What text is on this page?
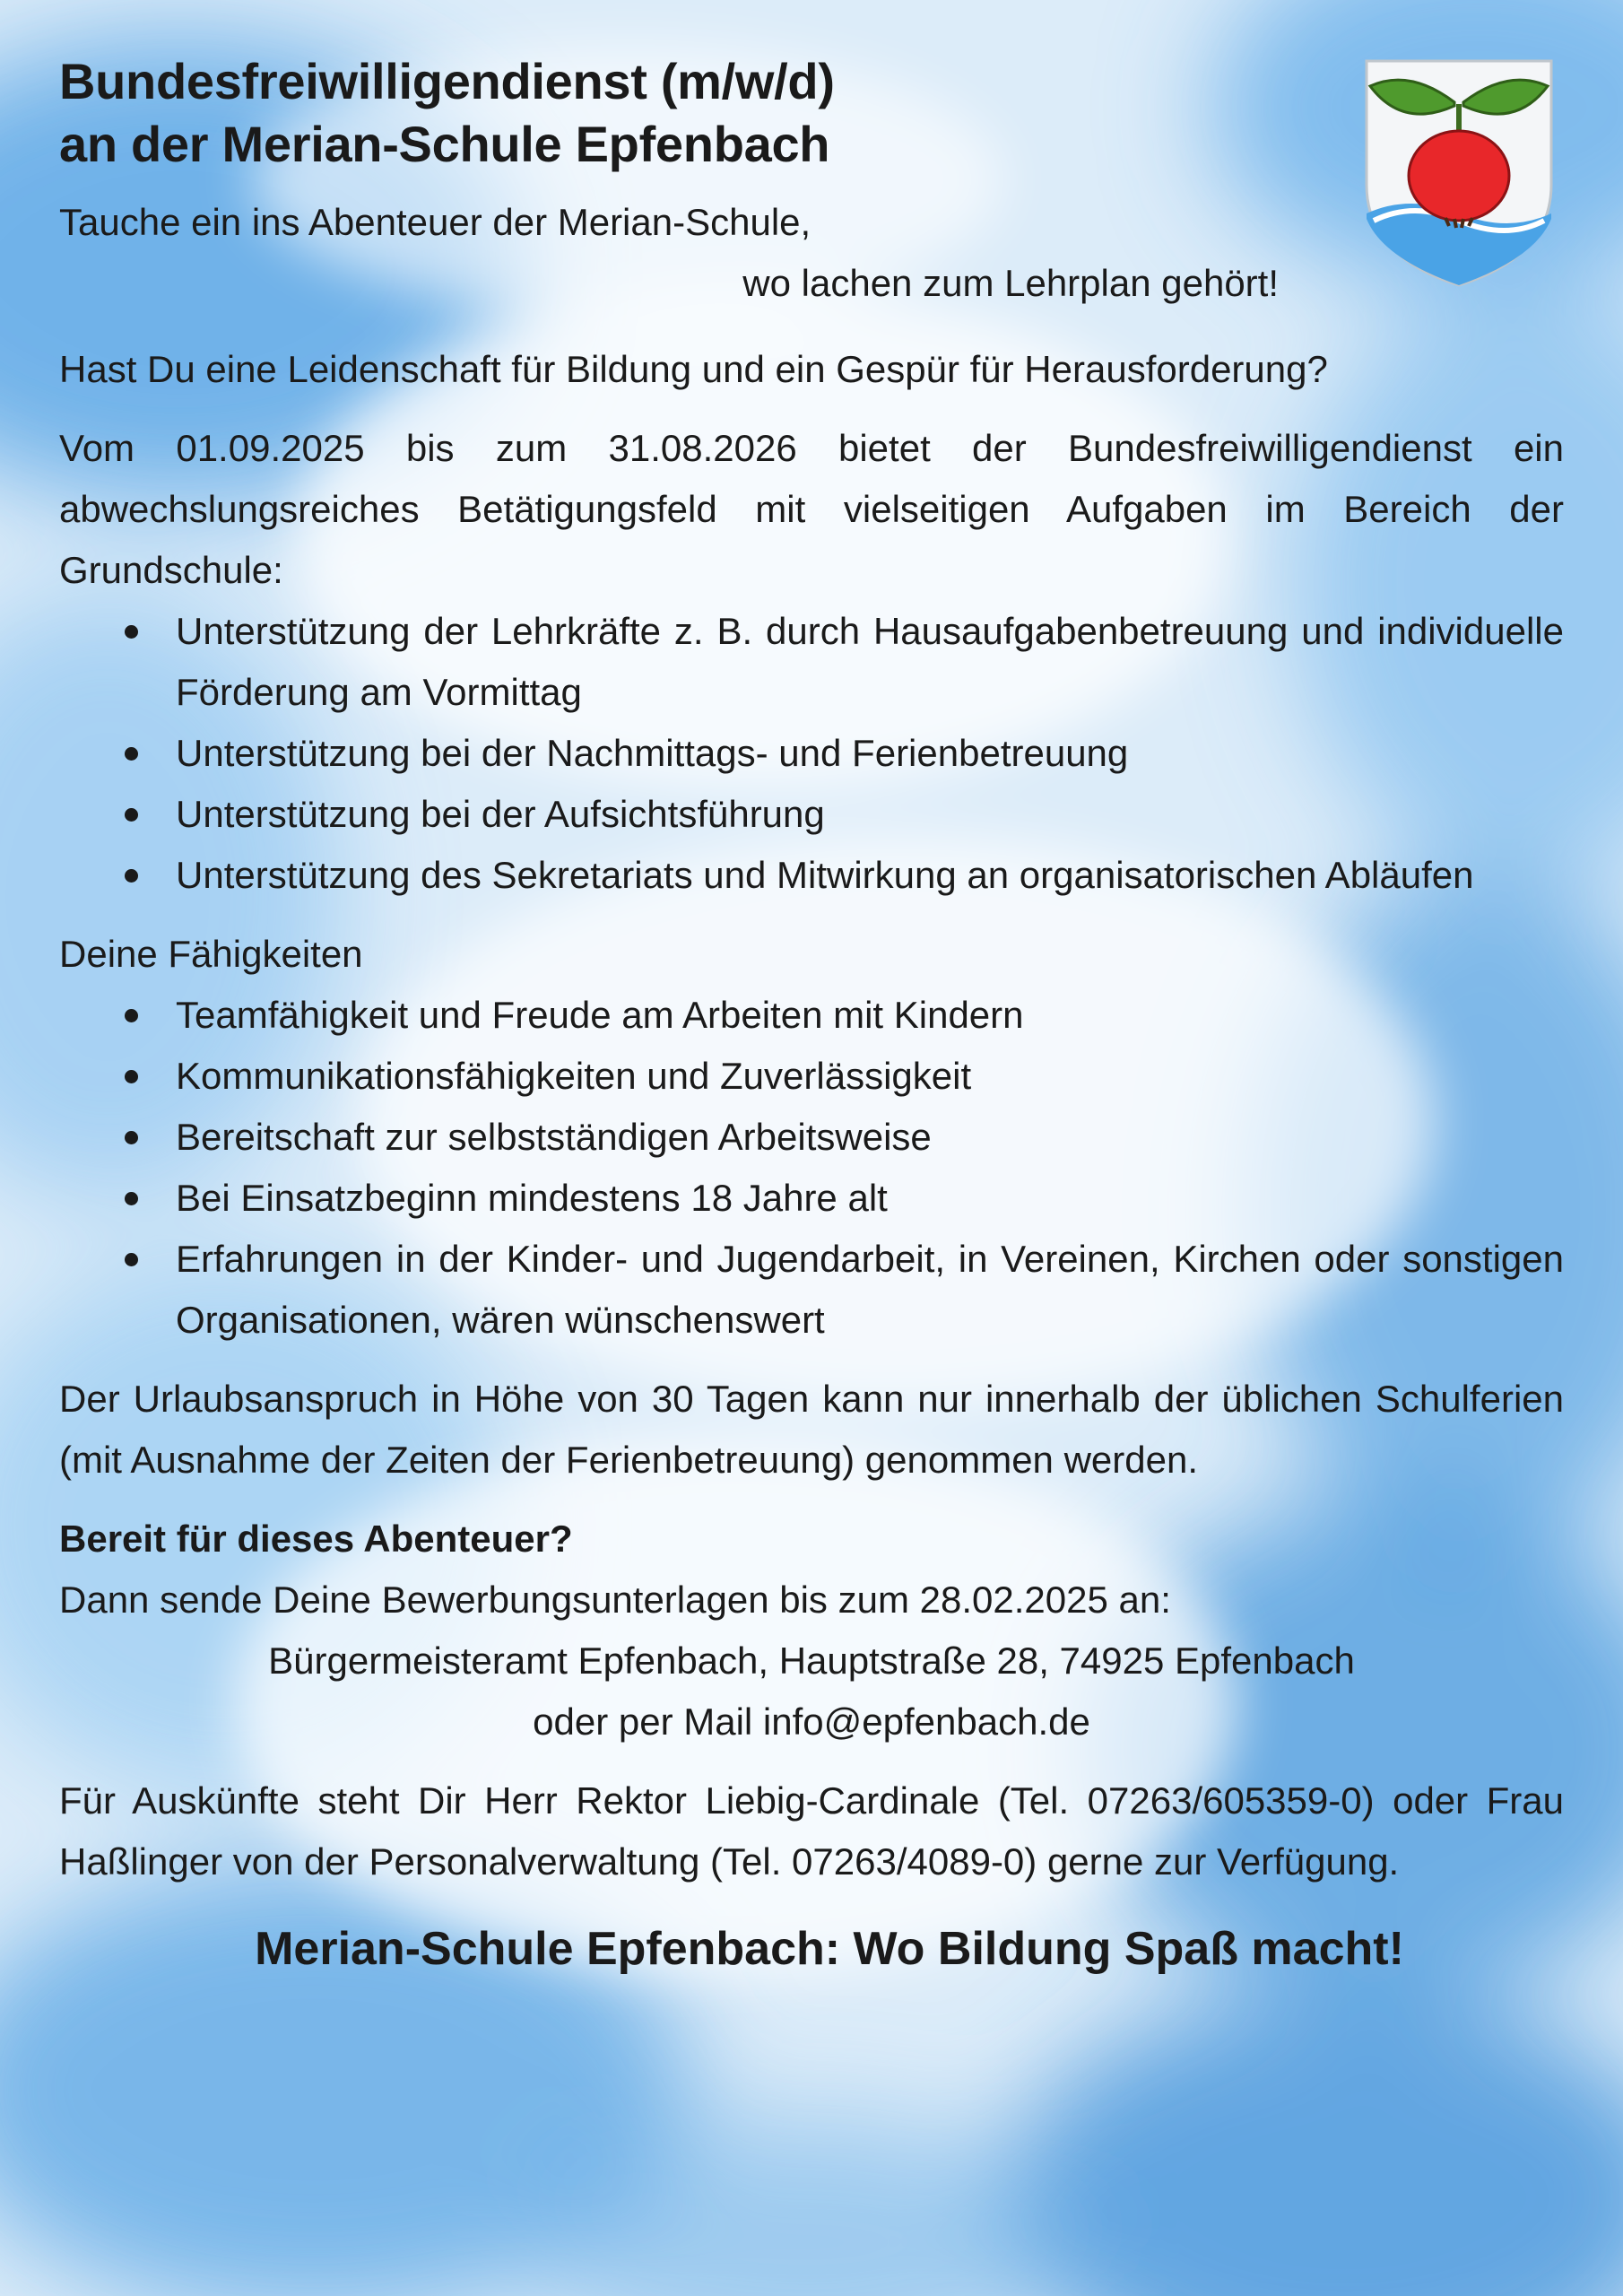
Bundesfreiwilligendienst (m/w/d)
an der Merian-Schule Epfenbach

Tauche ein ins Abenteuer der Merian-Schule,

wo lachen zum Lehrplan gehört!

Hast Du eine Leidenschaft für Bildung und ein Gespür für Herausforderung?

Vom 01.09.2025 bis zum 31.08.2026 bietet der Bundesfreiwilligendienst ein abwechslungsreiches Betätigungsfeld mit vielseitigen Aufgaben im Bereich der Grundschule:

Unterstützung der Lehrkräfte z. B. durch Hausaufgabenbetreuung und individuelle Förderung am Vormittag
Unterstützung bei der Nachmittags- und Ferienbetreuung
Unterstützung bei der Aufsichtsführung
Unterstützung des Sekretariats und Mitwirkung an organisatorischen Abläufen

Deine Fähigkeiten

Teamfähigkeit und Freude am Arbeiten mit Kindern
Kommunikationsfähigkeiten und Zuverlässigkeit
Bereitschaft zur selbstständigen Arbeitsweise
Bei Einsatzbeginn mindestens 18 Jahre alt
Erfahrungen in der Kinder- und Jugendarbeit, in Vereinen, Kirchen oder sonstigen Organisationen, wären wünschenswert

Der Urlaubsanspruch in Höhe von 30 Tagen kann nur innerhalb der üblichen Schulferien (mit Ausnahme der Zeiten der Ferienbetreuung) genommen werden.

Bereit für dieses Abenteuer?

Dann sende Deine Bewerbungsunterlagen bis zum 28.02.2025 an:

Bürgermeisteramt Epfenbach, Hauptstraße 28, 74925 Epfenbach

oder per Mail info@epfenbach.de

Für Auskünfte steht Dir Herr Rektor Liebig-Cardinale (Tel. 07263/605359-0) oder Frau Haßlinger von der Personalverwaltung (Tel. 07263/4089-0) gerne zur Verfügung.

Merian-Schule Epfenbach: Wo Bildung Spaß macht!
